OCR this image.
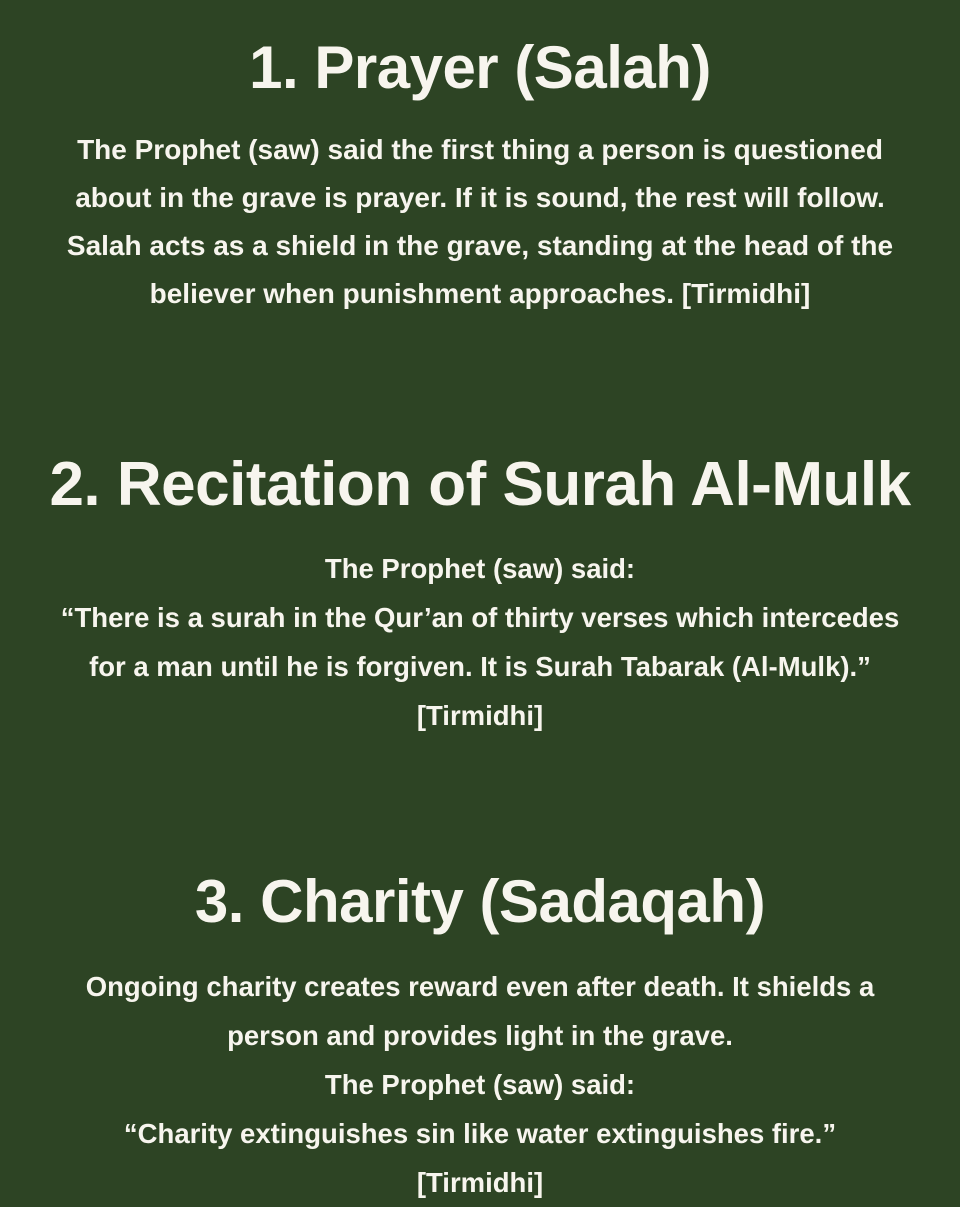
1. Prayer (Salah)

The Prophet (saw) said the first thing a person is questioned
about in the grave is prayer. If it is sound, the rest will follow.
Salah acts as a shield in the grave, standing at the head of the
believer when punishment approaches. [Tirmidhi]

2. Recitation of Surah Al-Mulk

The Prophet (saw) said:
“There is a surah in the Qur’an of thirty verses which intercedes
for a man until he is forgiven. It is Surah Tabarak (Al-Mulk).”
[Tirmidhi]

3. Charity (Sadaqah)

Ongoing charity creates reward even after death. It shields a
person and provides light in the grave.
The Prophet (saw) said:
“Charity extinguishes sin like water extinguishes fire.”
[Tirmidhi]
